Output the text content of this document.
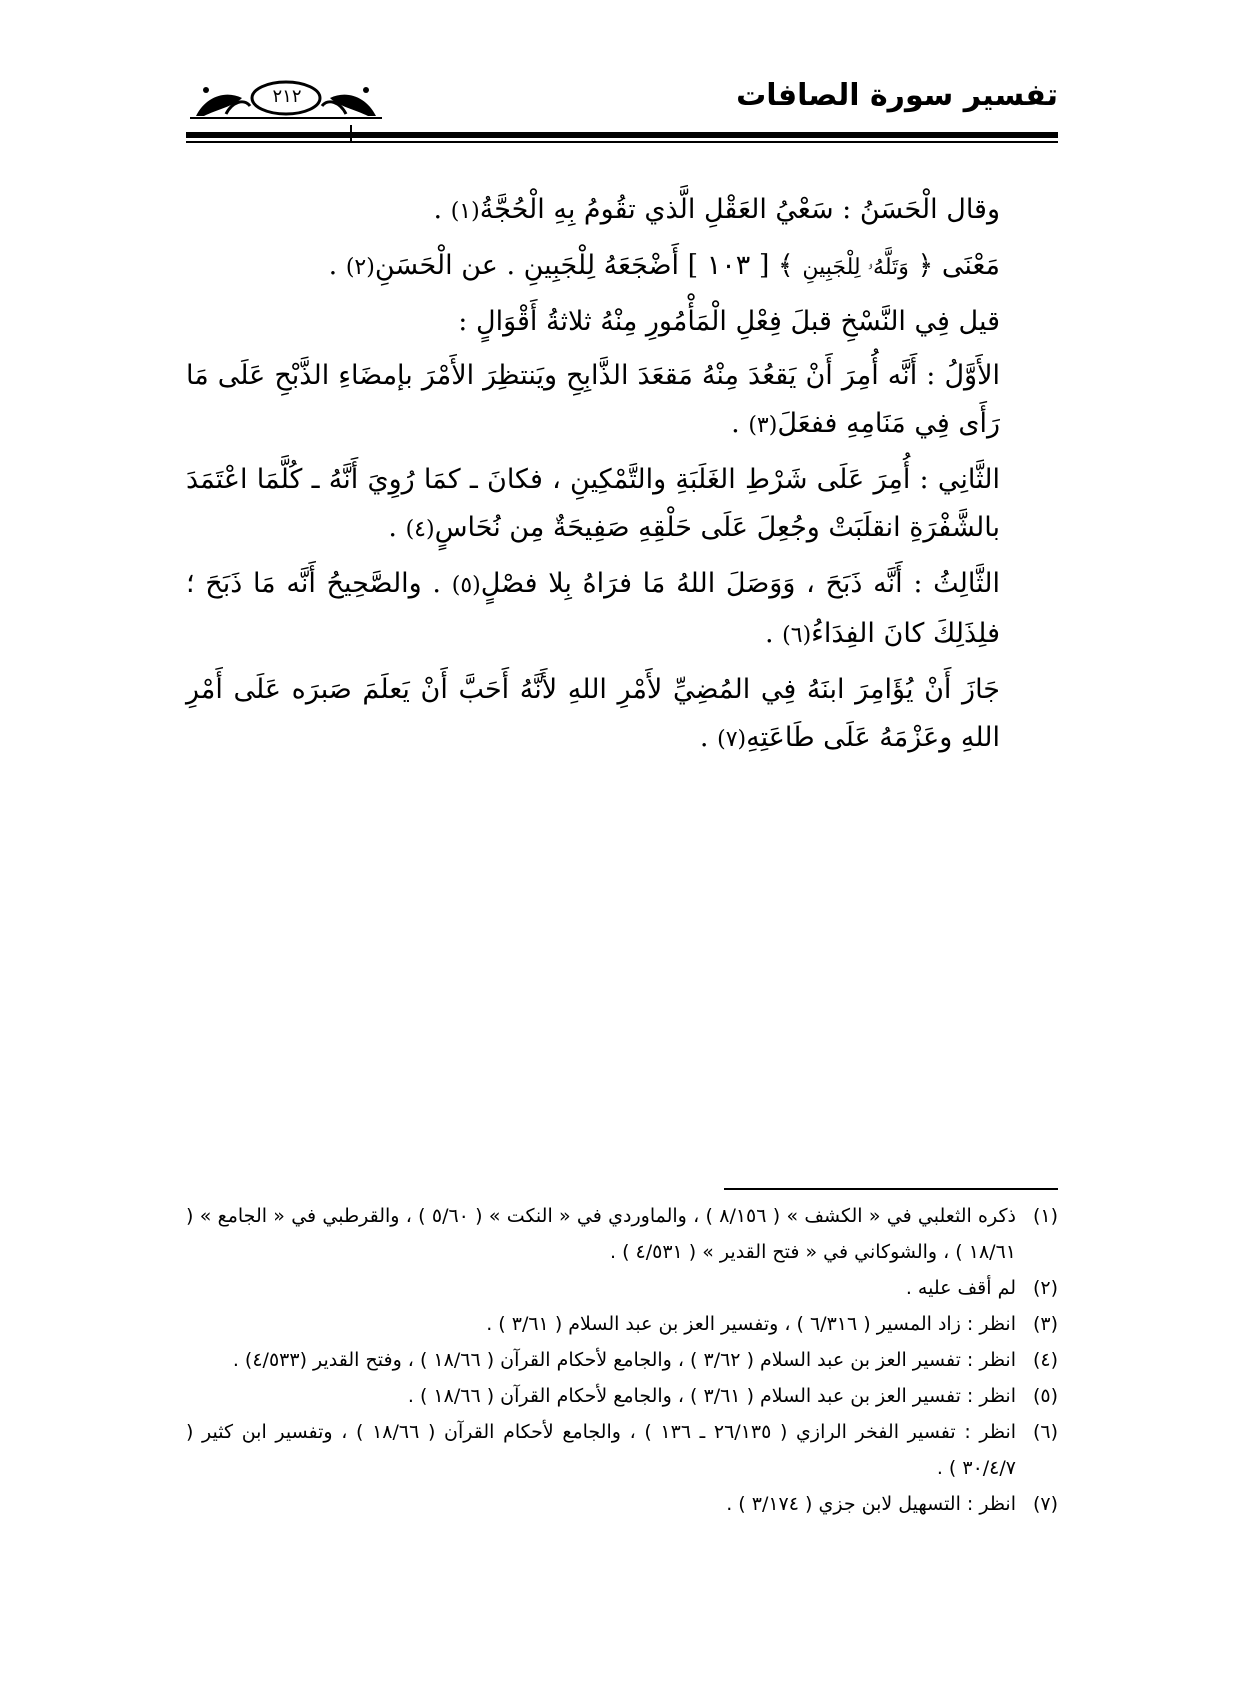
تفسير سورة الصافات
٢١٢

وقال الْحَسَنُ : سَعْيُ العَقْلِ الَّذي تقُومُ بِهِ الْحُجَّةُ(١) .

مَعْنَى ﴿ وَتَلَّهُۥ لِلْجَبِينِ ﴾ [ ١٠٣ ] أَضْجَعَهُ لِلْجَبِينِ . عن الْحَسَنِ(٢) .

قيل فِي النَّسْخِ قبلَ فِعْلِ الْمَأْمُورِ مِنْهُ ثلاثةُ أَقْوَالٍ :

الأَوَّلُ : أَنَّه أُمِرَ أَنْ يَقعُدَ مِنْهُ مَقعَدَ الذَّابِحِ ويَنتظِرَ الأَمْرَ بإمضَاءِ الذَّبْحِ عَلَى مَا رَأَى فِي مَنَامِهِ ففعَلَ(٣) .

الثَّانِي : أُمِرَ عَلَى شَرْطِ الغَلَبَةِ والتَّمْكِينِ ، فكانَ ـ كمَا رُوِيَ أَنَّهُ ـ كُلَّمَا اعْتَمَدَ بالشَّفْرَةِ انقلَبَتْ وجُعِلَ عَلَى حَلْقِهِ صَفِيحَةٌ مِن نُحَاسٍ(٤) .

الثَّالِثُ : أَنَّه ذَبَحَ ، وَوَصَلَ اللهُ مَا فرَاهُ بِلا فصْلٍ(٥) . والصَّحِيحُ أَنَّه مَا ذَبَحَ ؛ فلِذَلِكَ كانَ الفِدَاءُ(٦) .

جَازَ أَنْ يُؤَامِرَ ابنَهُ فِي المُضِيِّ لأَمْرِ اللهِ لأَنَّهُ أَحَبَّ أَنْ يَعلَمَ صَبرَه عَلَى أَمْرِ اللهِ وعَزْمَهُ عَلَى طَاعَتِهِ(٧) .

(١)
ذكره الثعلبي في « الكشف » ( ٨/١٥٦ ) ، والماوردي في « النكت » ( ٥/٦٠ ) ، والقرطبي في « الجامع » ( ١٨/٦١ ) ، والشوكاني في « فتح القدير » ( ٤/٥٣١ ) .
(٢)
لم أقف عليه .
(٣)
انظر : زاد المسير ( ٦/٣١٦ ) ، وتفسير العز بن عبد السلام ( ٣/٦١ ) .
(٤)
انظر : تفسير العز بن عبد السلام ( ٣/٦٢ ) ، والجامع لأحكام القرآن ( ١٨/٦٦ ) ، وفتح القدير (٤/٥٣٣) .
(٥)
انظر : تفسير العز بن عبد السلام ( ٣/٦١ ) ، والجامع لأحكام القرآن ( ١٨/٦٦ ) .
(٦)
انظر : تفسير الفخر الرازي ( ٢٦/١٣٥ ـ ١٣٦ ) ، والجامع لأحكام القرآن ( ١٨/٦٦ ) ، وتفسير ابن كثير ( ٣٠/٤/٧ ) .
(٧)
انظر : التسهيل لابن جزي ( ٣/١٧٤ ) .
